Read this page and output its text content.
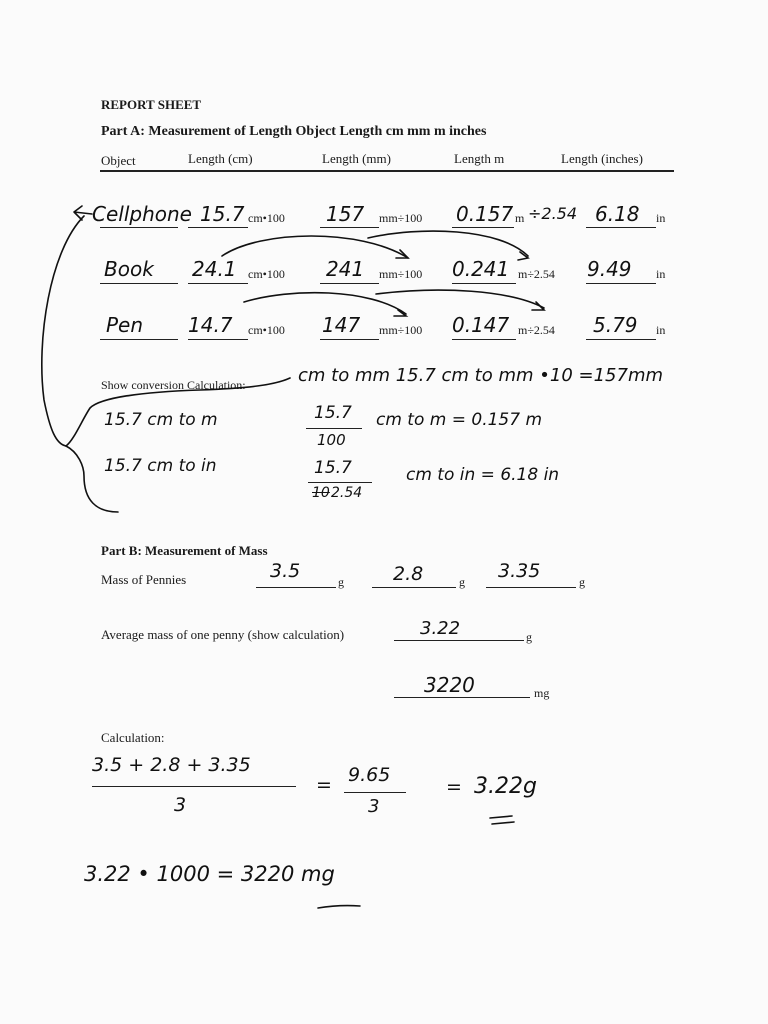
REPORT SHEET
Part A: Measurement of Length Object Length cm mm m inches
Object	Length (cm)	Length (mm)	Length m	Length (inches)
Cellphone 15.7 cm•100 157 mm÷100 0.157 m ÷2.54 6.18 in
Book 24.1 cm•100 241 mm÷100 0.241 m÷2.54 9.49 in
Pen 14.7 cm•100 147 mm÷100 0.147 m÷2.54 5.79 in
Show conversion Calculation:	cm to mm 15.7 cm to mm •10 =157mm
15.7 cm to m	15.7
100
cm to m = 0.157 m
15.7 cm to in	15.7
10 2.54
cm to in = 6.18 in
Part B: Measurement of Mass
Mass of Pennies	3.5	g	2.8	g 3.35	g
Average mass of one penny (show calculation)	3.22	g
3220	mg
Calculation:
3.5 + 2.8 + 3.35
3
= 9.65
3
= 3.22g
3.22 • 1000 = 3220 mg
